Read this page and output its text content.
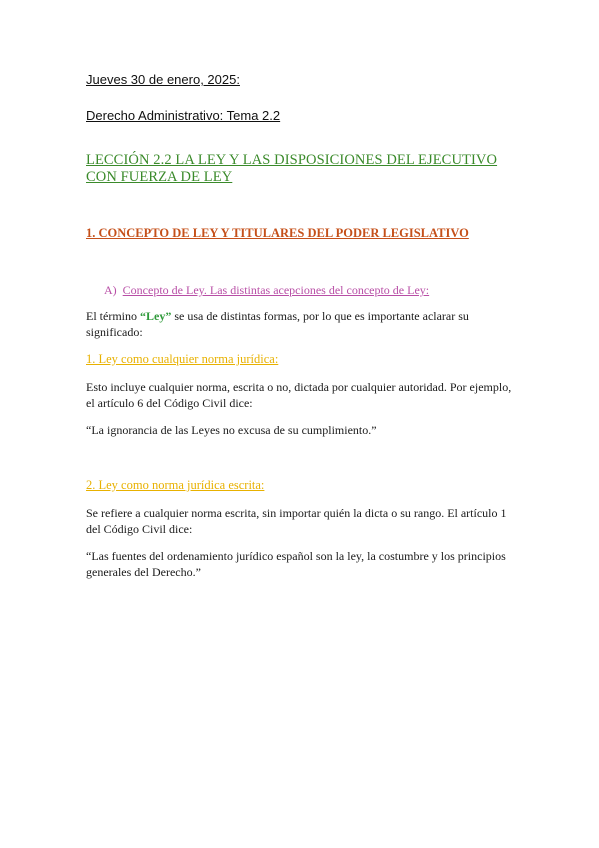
Jueves 30 de enero, 2025:
Derecho Administrativo: Tema 2.2
LECCIÓN 2.2 LA LEY Y LAS DISPOSICIONES DEL EJECUTIVO
CON FUERZA DE LEY
1. CONCEPTO DE LEY Y TITULARES DEL PODER LEGISLATIVO
A) Concepto de Ley. Las distintas acepciones del concepto de Ley:
El término “Ley” se usa de distintas formas, por lo que es importante aclarar su
significado:
1. Ley como cualquier norma jurídica:
Esto incluye cualquier norma, escrita o no, dictada por cualquier autoridad. Por ejemplo,
el artículo 6 del Código Civil dice:
“La ignorancia de las Leyes no excusa de su cumplimiento.”
2. Ley como norma jurídica escrita:
Se refiere a cualquier norma escrita, sin importar quién la dicta o su rango. El artículo 1
del Código Civil dice:
“Las fuentes del ordenamiento jurídico español son la ley, la costumbre y los principios
generales del Derecho.”
